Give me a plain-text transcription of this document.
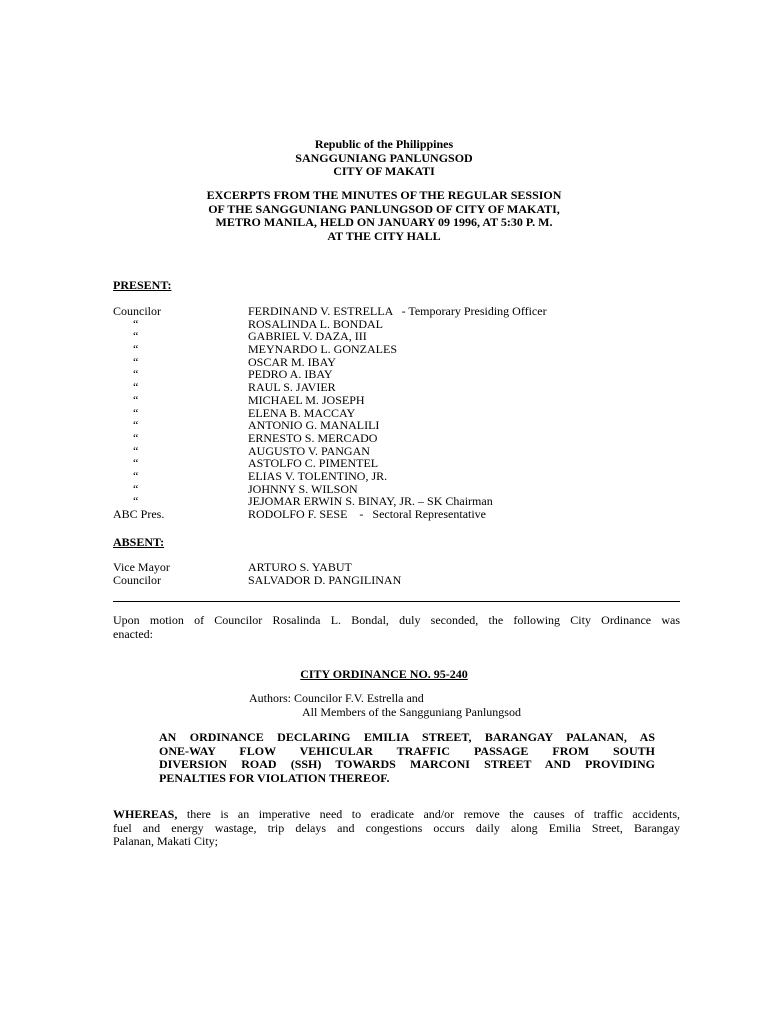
Republic of the Philippines
SANGGUNIANG PANLUNGSOD
CITY OF MAKATI
EXCERPTS FROM THE MINUTES OF THE REGULAR SESSION
OF THE SANGGUNIANG PANLUNGSOD OF CITY OF MAKATI,
METRO MANILA, HELD ON JANUARY 09 1996, AT 5:30 P. M.
AT THE CITY HALL
PRESENT:
Councilor	FERDINAND V. ESTRELLA   - Temporary Presiding Officer
“	ROSALINDA L. BONDAL
“	GABRIEL V. DAZA, III
“	MEYNARDO L. GONZALES
“	OSCAR M. IBAY
“	PEDRO A. IBAY
“	RAUL S. JAVIER
“	MICHAEL M. JOSEPH
“	ELENA B. MACCAY
“	ANTONIO G. MANALILI
“	ERNESTO S. MERCADO
“	AUGUSTO V. PANGAN
“	ASTOLFO C. PIMENTEL
“	ELIAS V. TOLENTINO, JR.
“	JOHNNY S. WILSON
“	JEJOMAR ERWIN S. BINAY, JR. – SK Chairman
ABC Pres.	RODOLFO F. SESE    -   Sectoral Representative
ABSENT:
Vice Mayor	ARTURO S. YABUT
Councilor	SALVADOR D. PANGILINAN
Upon motion of Councilor Rosalinda L. Bondal, duly seconded, the following City Ordinance was
enacted:
CITY ORDINANCE NO. 95-240
Authors: Councilor F.V. Estrella and
All Members of the Sangguniang Panlungsod
AN ORDINANCE DECLARING EMILIA STREET, BARANGAY PALANAN, AS
ONE-WAY FLOW VEHICULAR TRAFFIC PASSAGE FROM SOUTH
DIVERSION ROAD (SSH) TOWARDS MARCONI STREET AND PROVIDING
PENALTIES FOR VIOLATION THEREOF.
WHEREAS, there is an imperative need to eradicate and/or remove the causes of traffic accidents,
fuel and energy wastage, trip delays and congestions occurs daily along Emilia Street, Barangay
Palanan, Makati City;
